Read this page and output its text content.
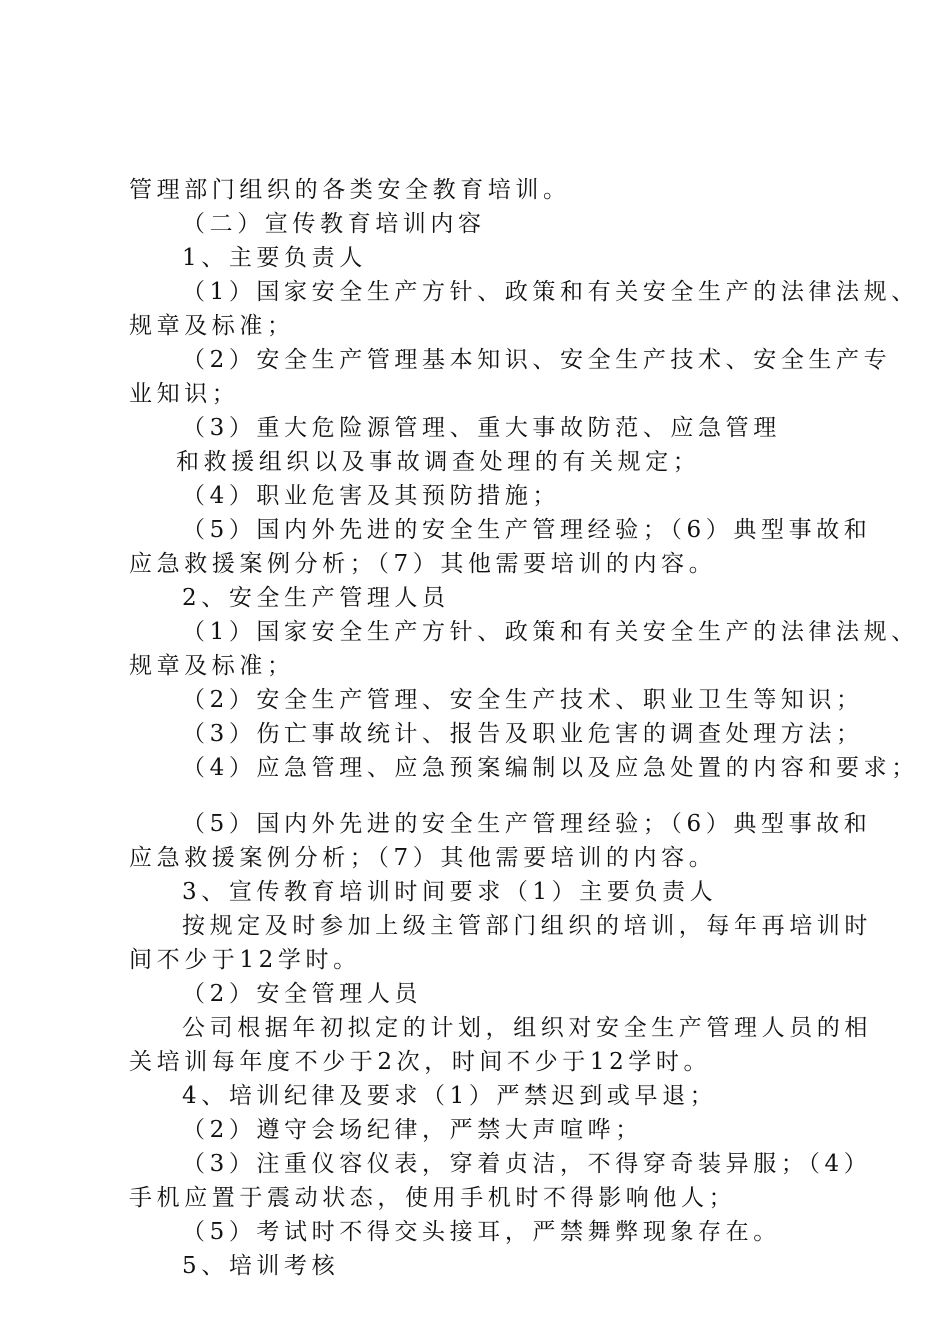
管理部门组织的各类安全教育培训。
（二）宣传教育培训内容
1、主要负责人
（1）国家安全生产方针、政策和有关安全生产的法律法规、
规章及标准；
（2）安全生产管理基本知识、安全生产技术、安全生产专
业知识；
（3）重大危险源管理、重大事故防范、应急管理
和救援组织以及事故调查处理的有关规定；
（4）职业危害及其预防措施；
（5）国内外先进的安全生产管理经验；（6）典型事故和
应急救援案例分析；（7）其他需要培训的内容。
2、安全生产管理人员
（1）国家安全生产方针、政策和有关安全生产的法律法规、
规章及标准；
（2）安全生产管理、安全生产技术、职业卫生等知识；
（3）伤亡事故统计、报告及职业危害的调查处理方法；
（4）应急管理、应急预案编制以及应急处置的内容和要求；
（5）国内外先进的安全生产管理经验；（6）典型事故和
应急救援案例分析；（7）其他需要培训的内容。
3、宣传教育培训时间要求（1）主要负责人
按规定及时参加上级主管部门组织的培训，每年再培训时
间不少于12学时。
（2）安全管理人员
公司根据年初拟定的计划，组织对安全生产管理人员的相
关培训每年度不少于2次，时间不少于12学时。
4、培训纪律及要求（1）严禁迟到或早退；
（2）遵守会场纪律，严禁大声喧哗；
（3）注重仪容仪表，穿着贞洁，不得穿奇装异服；（4）
手机应置于震动状态，使用手机时不得影响他人；
（5）考试时不得交头接耳，严禁舞弊现象存在。
5、培训考核
